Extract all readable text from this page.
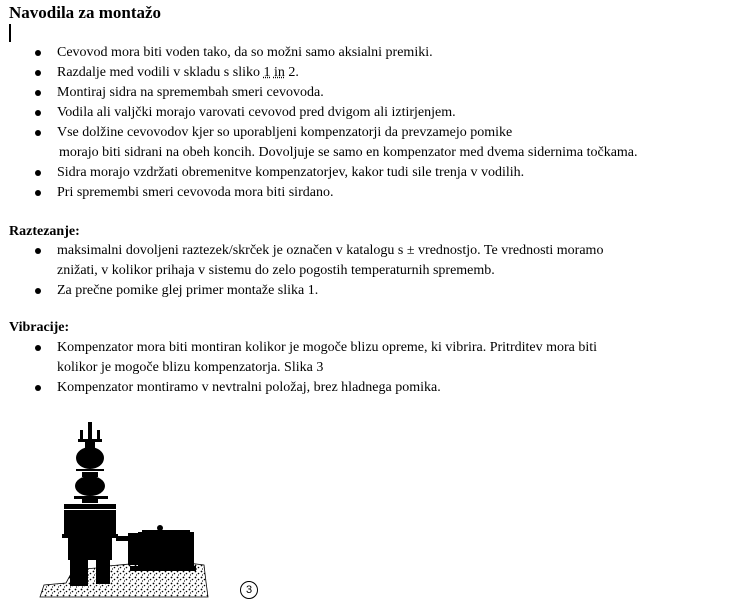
Navodila za montažo
Cevovod mora biti voden tako, da so možni samo aksialni premiki.
Razdalje med vodili v skladu s sliko 1 in 2.
Montiraj sidra na spremembah smeri cevovoda.
Vodila ali valjčki morajo varovati cevovod pred dvigom ali iztirjenjem.
Vse dolžine cevovodov kjer so uporabljeni kompenzatorji da prevzamejo pomike
morajo biti sidrani na obeh koncih. Dovoljuje se samo en kompenzator med dvema sidernima točkama.
Sidra morajo vzdržati obremenitve kompenzatorjev, kakor tudi sile trenja v vodilih.
Pri spremembi smeri cevovoda mora biti sirdano.
Raztezanje:
maksimalni dovoljeni raztezek/skrček je označen v katalogu s ± vrednostjo. Te vrednosti moramo
znižati, v kolikor prihaja v sistemu do zelo pogostih temperaturnih sprememb.
Za prečne pomike glej primer montaže slika 1.
Vibracije:
Kompenzator mora biti montiran kolikor je mogoče blizu opreme, ki vibrira. Pritrditev mora biti
kolikor je mogoče blizu kompenzatorja. Slika 3
Kompenzator montiramo v nevtralni položaj, brez hladnega pomika.
3
